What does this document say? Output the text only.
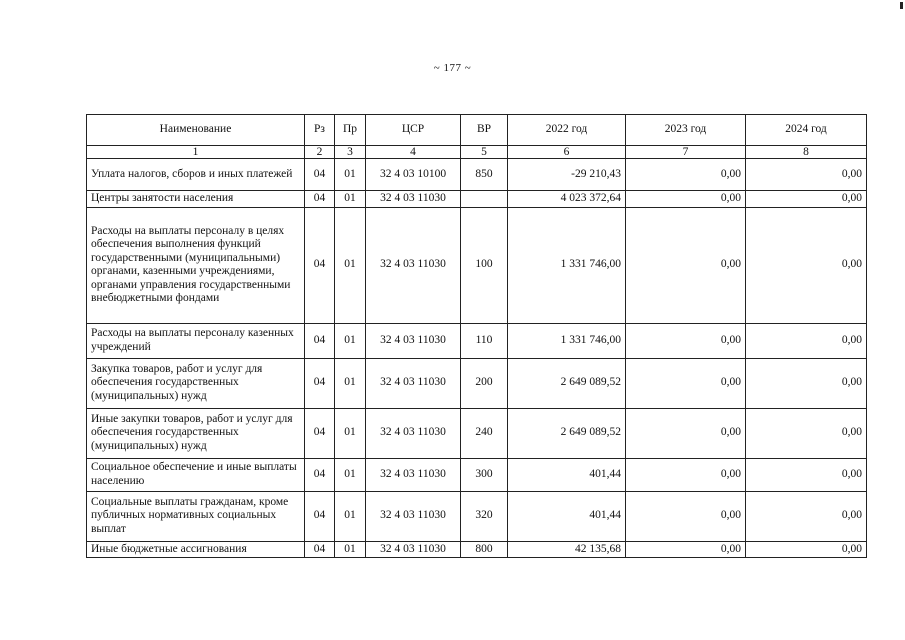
~ 177 ~
Наименование	Рз	Пр	ЦСР	ВР	2022 год	2023 год	2024 год
1	2	3	4	5	6	7	8
Уплата налогов, сборов и иных платежей	04	01	32 4 03 10100	850	-29 210,43	0,00	0,00
Центры занятости населения	04	01	32 4 03 11030		4 023 372,64	0,00	0,00
Расходы на выплаты персоналу в целях обеспечения выполнения функций государственными (муниципальными) органами, казенными учреждениями, органами управления государственными внебюджетными фондами	04	01	32 4 03 11030	100	1 331 746,00	0,00	0,00
Расходы на выплаты персоналу казенных учреждений	04	01	32 4 03 11030	110	1 331 746,00	0,00	0,00
Закупка товаров, работ и услуг для обеспечения государственных (муниципальных) нужд	04	01	32 4 03 11030	200	2 649 089,52	0,00	0,00
Иные закупки товаров, работ и услуг для обеспечения государственных (муниципальных) нужд	04	01	32 4 03 11030	240	2 649 089,52	0,00	0,00
Социальное обеспечение и иные выплаты населению	04	01	32 4 03 11030	300	401,44	0,00	0,00
Социальные выплаты гражданам, кроме публичных нормативных социальных выплат	04	01	32 4 03 11030	320	401,44	0,00	0,00
Иные бюджетные ассигнования	04	01	32 4 03 11030	800	42 135,68	0,00	0,00
